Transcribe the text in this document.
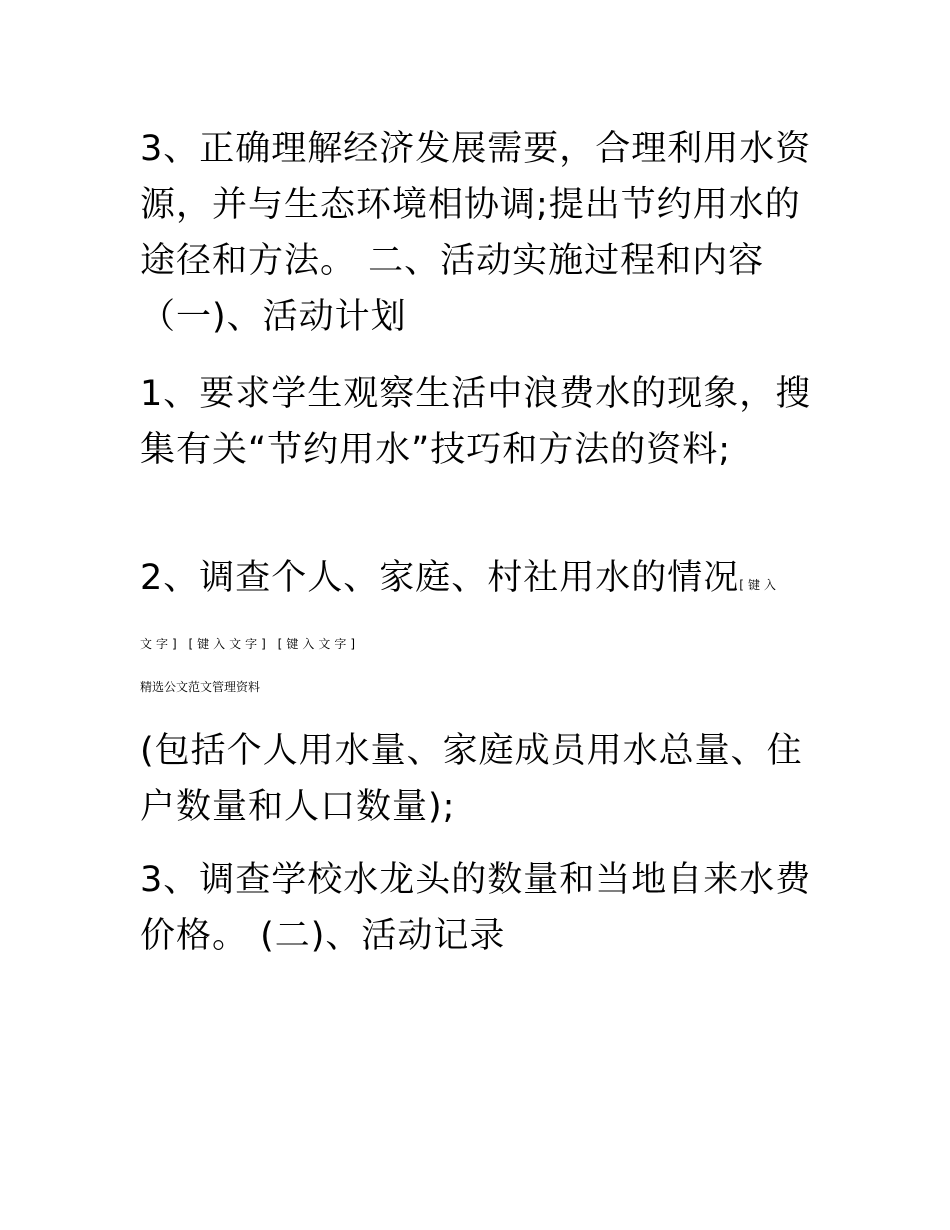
3、正确理解经济发展需要，合理利用水资源，并与生态环境相协调;提出节约用水的途径和方法。 二、活动实施过程和内容（一)、活动计划

1、要求学生观察生活中浪费水的现象，搜集有关“节约用水”技巧和方法的资料;

2、调查个人、家庭、村社用水的情况[键入

文字] [键入文字] [键入文字]

精选公文范文管理资料

(包括个人用水量、家庭成员用水总量、住户数量和人口数量);

3、调查学校水龙头的数量和当地自来水费价格。 (二)、活动记录
